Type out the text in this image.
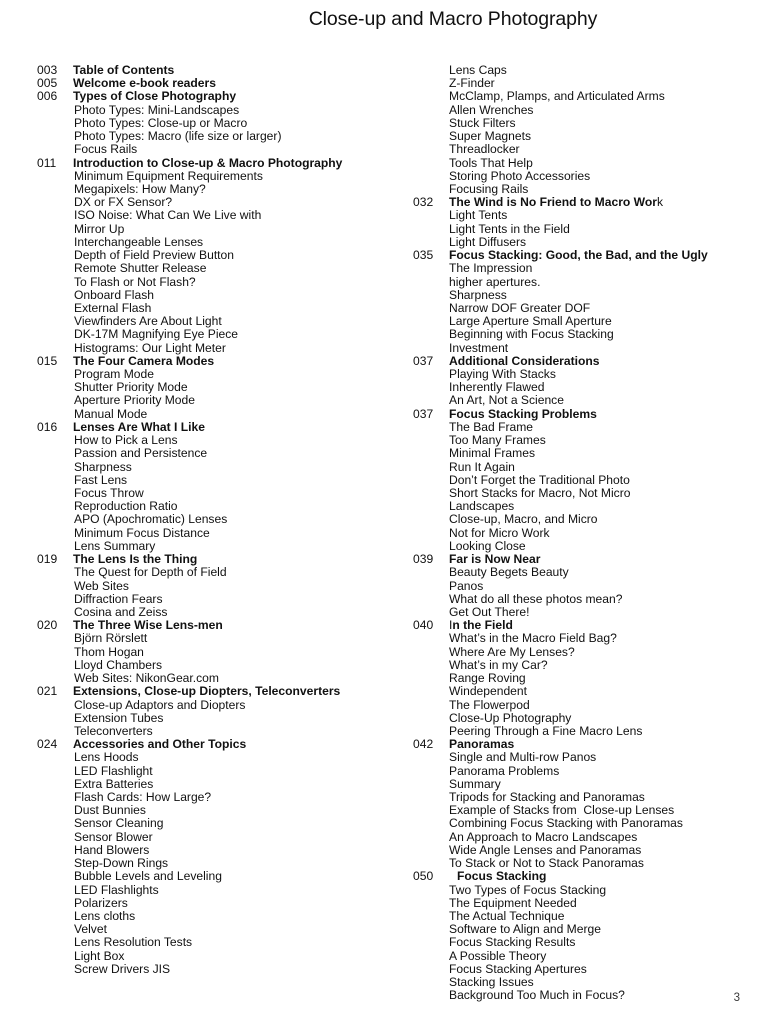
Close-up and Macro Photography
003 Table of Contents
005 Welcome e-book readers
006 Types of Close Photography
Photo Types: Mini-Landscapes
Photo Types: Close-up or Macro
Photo Types: Macro (life size or larger)
Focus Rails
011 Introduction to Close-up & Macro Photography
Minimum Equipment Requirements
Megapixels: How Many?
DX or FX Sensor?
ISO Noise: What Can We Live with
Mirror Up
Interchangeable Lenses
Depth of Field Preview Button
Remote Shutter Release
To Flash or Not Flash?
Onboard Flash
External Flash
Viewfinders Are About Light
DK-17M Magnifying Eye Piece
Histograms: Our Light Meter
015 The Four Camera Modes
Program Mode
Shutter Priority Mode
Aperture Priority Mode
Manual Mode
016 Lenses Are What I Like
How to Pick a Lens
Passion and Persistence
Sharpness
Fast Lens
Focus Throw
Reproduction Ratio
APO (Apochromatic) Lenses
Minimum Focus Distance
Lens Summary
019 The Lens Is the Thing
The Quest for Depth of Field
Web Sites
Diffraction Fears
Cosina and Zeiss
020 The Three Wise Lens-men
Björn Rörslett
Thom Hogan
Lloyd Chambers
Web Sites: NikonGear.com
021 Extensions, Close-up Diopters, Teleconverters
Close-up Adaptors and Diopters
Extension Tubes
Teleconverters
024 Accessories and Other Topics
Lens Hoods
LED Flashlight
Extra Batteries
Flash Cards: How Large?
Dust Bunnies
Sensor Cleaning
Sensor Blower
Hand Blowers
Step-Down Rings
Bubble Levels and Leveling
LED Flashlights
Polarizers
Lens cloths
Velvet
Lens Resolution Tests
Light Box
Screw Drivers JIS
Lens Caps
Z-Finder
McClamp, Plamps, and Articulated Arms
Allen Wrenches
Stuck Filters
Super Magnets
Threadlocker
Tools That Help
Storing Photo Accessories
Focusing Rails
032 The Wind is No Friend to Macro Work
Light Tents
Light Tents in the Field
Light Diffusers
035 Focus Stacking: Good, the Bad, and the Ugly
The Impression
higher apertures.
Sharpness
Narrow DOF Greater DOF
Large Aperture Small Aperture
Beginning with Focus Stacking
Investment
037 Additional Considerations
Playing With Stacks
Inherently Flawed
An Art, Not a Science
037 Focus Stacking Problems
The Bad Frame
Too Many Frames
Minimal Frames
Run It Again
Don’t Forget the Traditional Photo
Short Stacks for Macro, Not Micro
Landscapes
Close-up, Macro, and Micro
Not for Micro Work
Looking Close
039 Far is Now Near
Beauty Begets Beauty
Panos
What do all these photos mean?
Get Out There!
040 In the Field
What’s in the Macro Field Bag?
Where Are My Lenses?
What’s in my Car?
Range Roving
Windependent
The Flowerpod
Close-Up Photography
Peering Through a Fine Macro Lens
042 Panoramas
Single and Multi-row Panos
Panorama Problems
Summary
Tripods for Stacking and Panoramas
Example of Stacks from  Close-up Lenses
Combining Focus Stacking with Panoramas
An Approach to Macro Landscapes
Wide Angle Lenses and Panoramas
To Stack or Not to Stack Panoramas
050 Focus Stacking
Two Types of Focus Stacking
The Equipment Needed
The Actual Technique
Software to Align and Merge
Focus Stacking Results
A Possible Theory
Focus Stacking Apertures
Stacking Issues
Background Too Much in Focus?	3
